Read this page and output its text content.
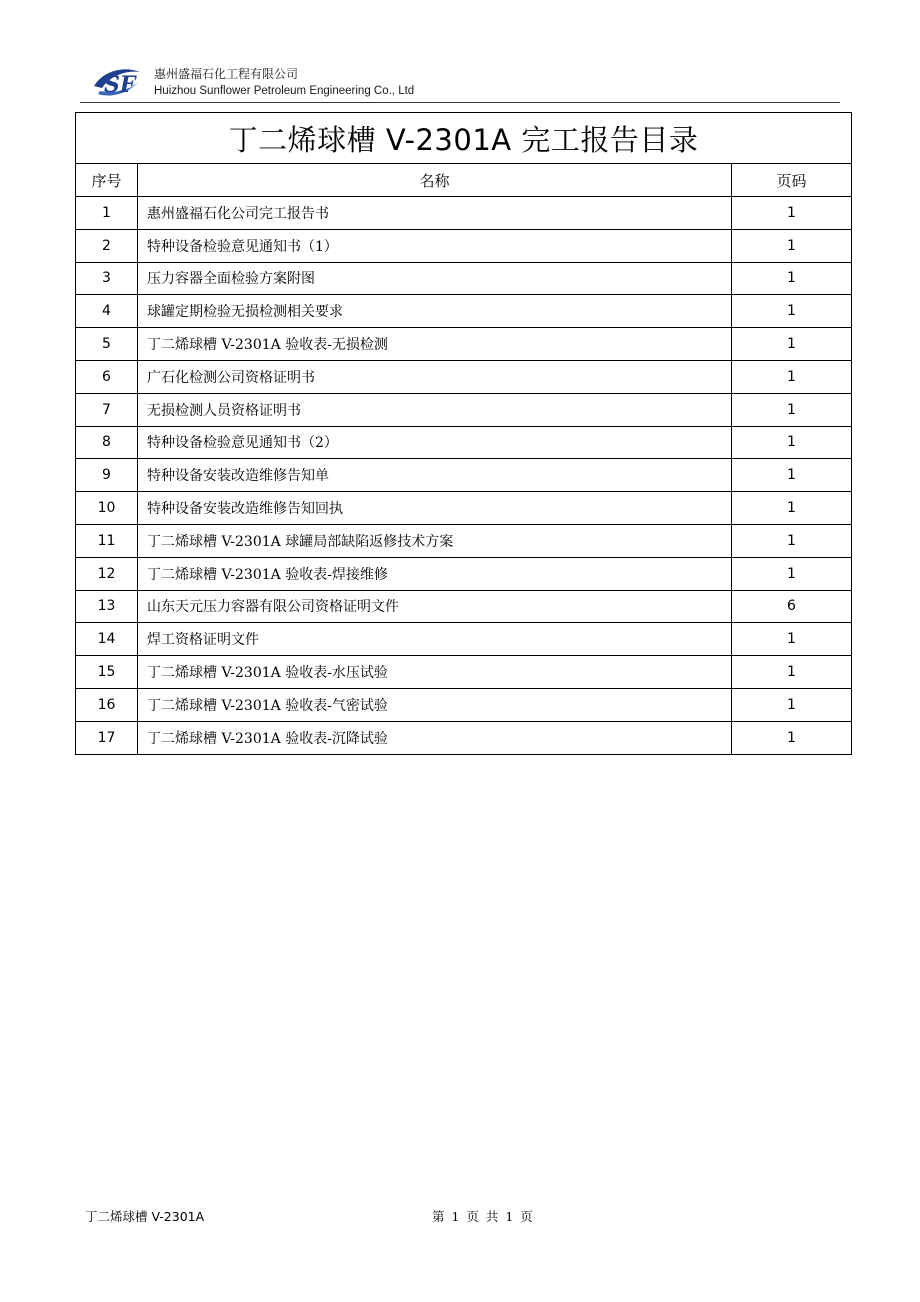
SF 惠州盛福石化工程有限公司
Huizhou Sunflower Petroleum Engineering Co., Ltd
丁二烯球槽 V-2301A 完工报告目录		
序号	名称	页码
1	惠州盛福石化公司完工报告书	1
2	特种设备检验意见通知书（1）	1
3	压力容器全面检验方案附图	1
4	球罐定期检验无损检测相关要求	1
5	丁二烯球槽 V-2301A 验收表-无损检测	1
6	广石化检测公司资格证明书	1
7	无损检测人员资格证明书	1
8	特种设备检验意见通知书（2）	1
9	特种设备安装改造维修告知单	1
10	特种设备安装改造维修告知回执	1
11	丁二烯球槽 V-2301A 球罐局部缺陷返修技术方案	1
12	丁二烯球槽 V-2301A 验收表-焊接维修	1
13	山东天元压力容器有限公司资格证明文件	6
14	焊工资格证明文件	1
15	丁二烯球槽 V-2301A 验收表-水压试验	1
16	丁二烯球槽 V-2301A 验收表-气密试验	1
17	丁二烯球槽 V-2301A 验收表-沉降试验	1
丁二烯球槽 V-2301A	第 1 页 共 1 页
